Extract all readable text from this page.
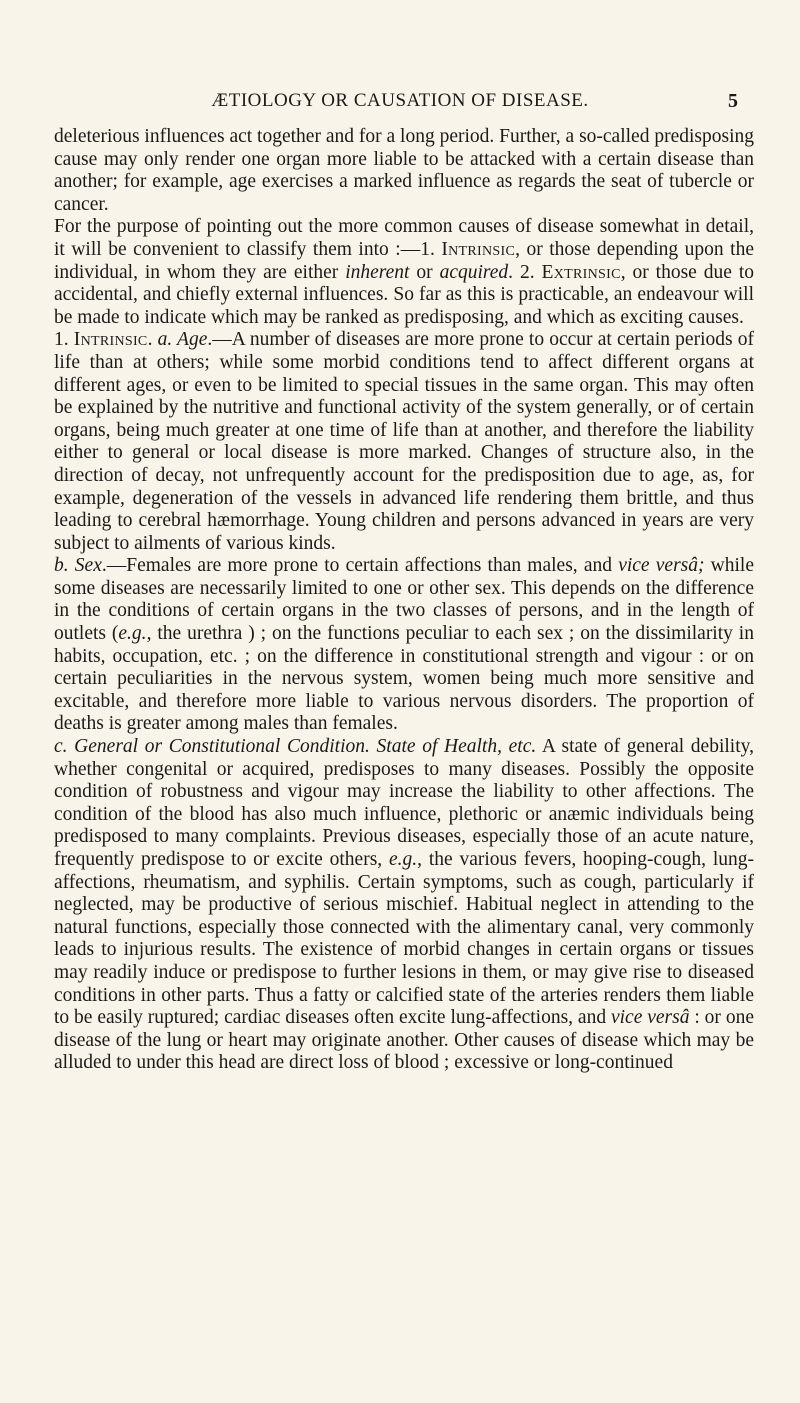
ÆTIOLOGY OR CAUSATION OF DISEASE.	5

deleterious influences act together and for a long period. Further, a so-called predisposing cause may only render one organ more liable to be attacked with a certain disease than another; for example, age exercises a marked influence as regards the seat of tubercle or cancer.

For the purpose of pointing out the more common causes of disease somewhat in detail, it will be convenient to classify them into :—1. Intrinsic, or those depending upon the individual, in whom they are either inherent or acquired. 2. Extrinsic, or those due to accidental, and chiefly external influences. So far as this is practicable, an endeavour will be made to indicate which may be ranked as predisposing, and which as exciting causes.

1. Intrinsic. a. Age.—A number of diseases are more prone to occur at certain periods of life than at others; while some morbid conditions tend to affect different organs at different ages, or even to be limited to special tissues in the same organ. This may often be explained by the nutritive and functional activity of the system generally, or of certain organs, being much greater at one time of life than at another, and therefore the liability either to general or local disease is more marked. Changes of structure also, in the direction of decay, not unfrequently account for the predisposition due to age, as, for example, degeneration of the vessels in advanced life rendering them brittle, and thus leading to cerebral hæmorrhage. Young children and persons advanced in years are very subject to ailments of various kinds.

b. Sex.—Females are more prone to certain affections than males, and vice versâ; while some diseases are necessarily limited to one or other sex. This depends on the difference in the conditions of certain organs in the two classes of persons, and in the length of outlets (e.g., the urethra ) ; on the functions peculiar to each sex ; on the dissimilarity in habits, occupation, etc. ; on the difference in constitutional strength and vigour : or on certain peculiarities in the nervous system, women being much more sensitive and excitable, and therefore more liable to various nervous disorders. The proportion of deaths is greater among males than females.

c. General or Constitutional Condition. State of Health, etc. A state of general debility, whether congenital or acquired, predisposes to many diseases. Possibly the opposite condition of robustness and vigour may increase the liability to other affections. The condition of the blood has also much influence, plethoric or anæmic individuals being predisposed to many complaints. Previous diseases, especially those of an acute nature, frequently predispose to or excite others, e.g., the various fevers, hooping-cough, lung-affections, rheumatism, and syphilis. Certain symptoms, such as cough, particularly if neglected, may be productive of serious mischief. Habitual neglect in attending to the natural functions, especially those connected with the alimentary canal, very commonly leads to injurious results. The existence of morbid changes in certain organs or tissues may readily induce or predispose to further lesions in them, or may give rise to diseased conditions in other parts. Thus a fatty or calcified state of the arteries renders them liable to be easily ruptured; cardiac diseases often excite lung-affections, and vice versâ : or one disease of the lung or heart may originate another. Other causes of disease which may be alluded to under this head are direct loss of blood ; excessive or long-continued
